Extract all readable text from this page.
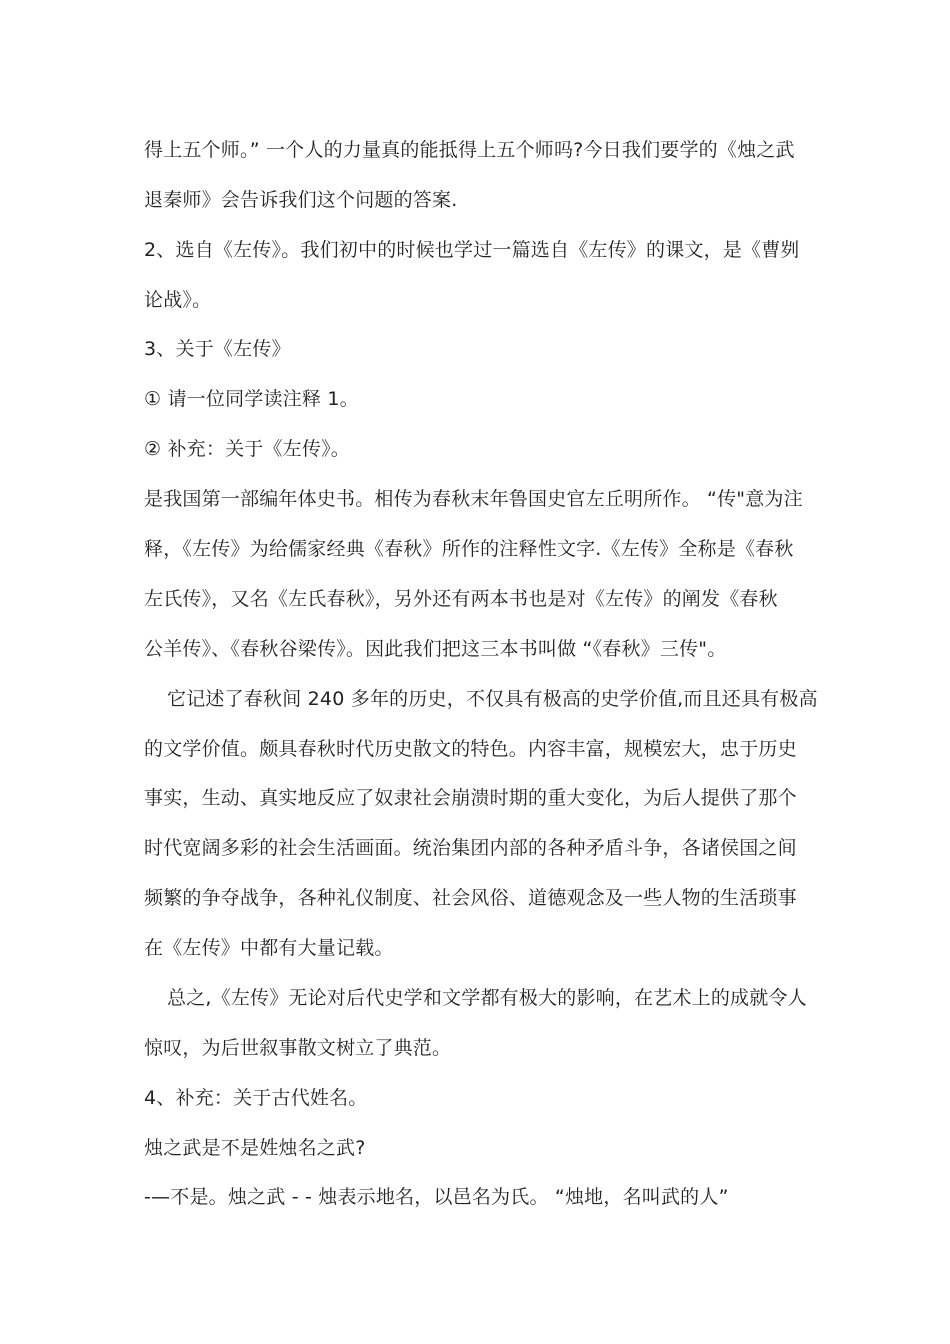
得上五个师。” 一个人的力量真的能抵得上五个师吗?今日我们要学的《烛之武
退秦师》会告诉我们这个问题的答案.
2、选自《左传》。我们初中的时候也学过一篇选自《左传》的课文，是《曹刿
论战》。
3、关于《左传》
① 请一位同学读注释 1。
② 补充：关于《左传》。
是我国第一部编年体史书。相传为春秋末年鲁国史官左丘明所作。 “传"意为注
释，《左传》为给儒家经典《春秋》所作的注释性文字.《左传》全称是《春秋
左氏传》，又名《左氏春秋》，另外还有两本书也是对《左传》的阐发《春秋
公羊传》、《春秋谷梁传》。因此我们把这三本书叫做 “《春秋》三传"。
它记述了春秋间 240 多年的历史，不仅具有极高的史学价值,而且还具有极高
的文学价值。颇具春秋时代历史散文的特色。内容丰富，规模宏大，忠于历史
事实，生动、真实地反应了奴隶社会崩溃时期的重大变化，为后人提供了那个
时代宽阔多彩的社会生活画面。统治集团内部的各种矛盾斗争，各诸侯国之间
频繁的争夺战争，各种礼仪制度、社会风俗、道德观念及一些人物的生活琐事
在《左传》中都有大量记载。
总之,《左传》无论对后代史学和文学都有极大的影响，在艺术上的成就令人
惊叹，为后世叙事散文树立了典范。
4、补充：关于古代姓名。
烛之武是不是姓烛名之武?
-—不是。烛之武 - - 烛表示地名，以邑名为氏。 “烛地，名叫武的人”
